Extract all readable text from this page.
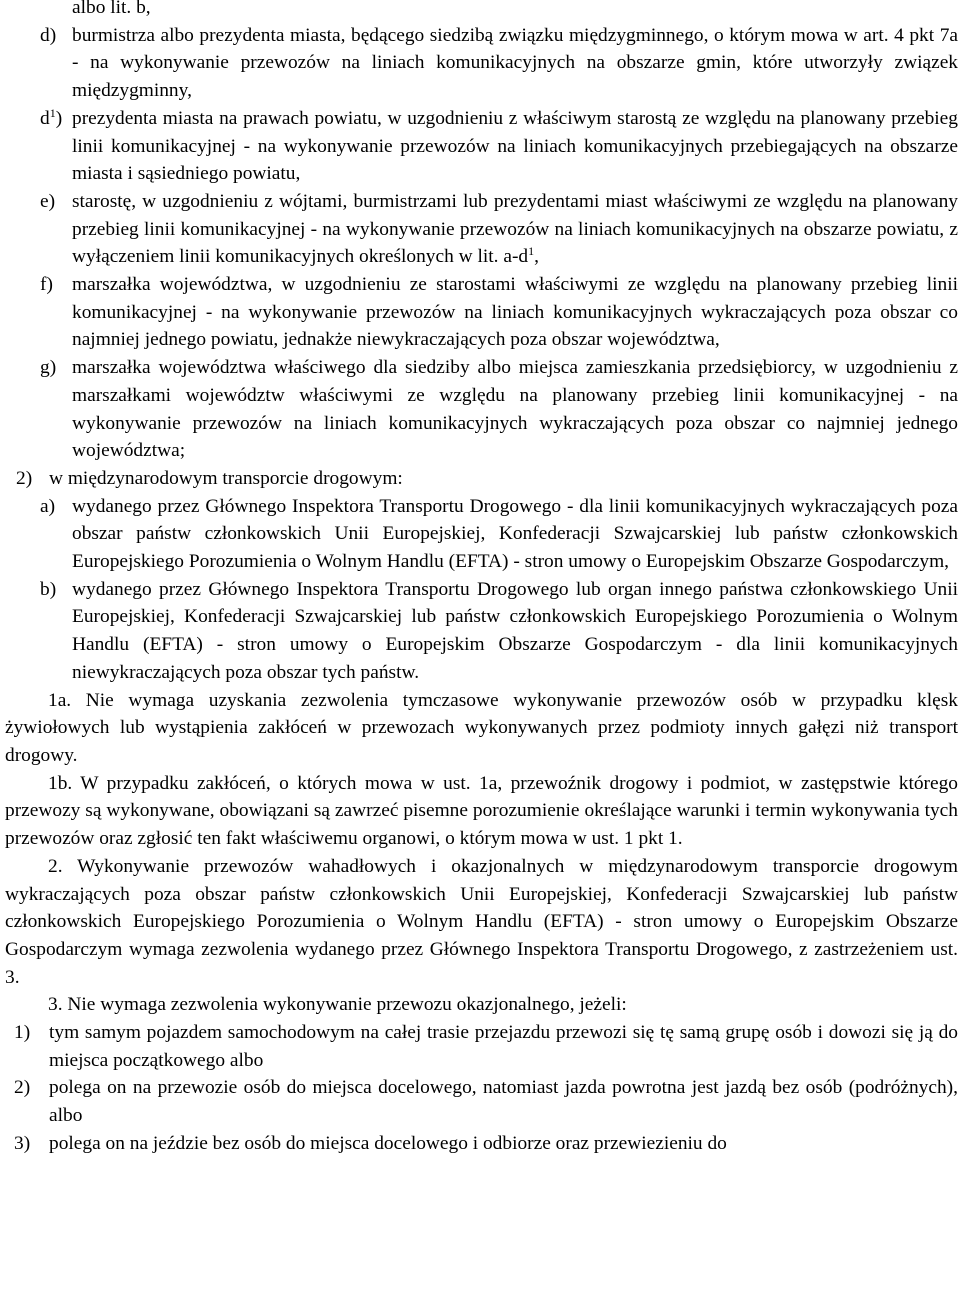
albo lit. b,
d) burmistrza albo prezydenta miasta, będącego siedzibą związku międzygminnego, o którym mowa w art. 4 pkt 7a - na wykonywanie przewozów na liniach komunikacyjnych na obszarze gmin, które utworzyły związek międzygminny,
$d^1$) prezydenta miasta na prawach powiatu, w uzgodnieniu z właściwym starostą ze względu na planowany przebieg linii komunikacyjnej - na wykonywanie przewozów na liniach komunikacyjnych przebiegających na obszarze miasta i sąsiedniego powiatu,
e) starostę, w uzgodnieniu z wójtami, burmistrzami lub prezydentami miast właściwymi ze względu na planowany przebieg linii komunikacyjnej - na wykonywanie przewozów na liniach komunikacyjnych na obszarze powiatu, z wyłączeniem linii komunikacyjnych określonych w lit. $a-d^1$,
f) marszałka województwa, w uzgodnieniu ze starostami właściwymi ze względu na planowany przebieg linii komunikacyjnej - na wykonywanie przewozów na liniach komunikacyjnych wykraczających poza obszar co najmniej jednego powiatu, jednakże niewykraczających poza obszar województwa,
g) marszałka województwa właściwego dla siedziby albo miejsca zamieszkania przedsiębiorcy, w uzgodnieniu z marszałkami województw właściwymi ze względu na planowany przebieg linii komunikacyjnej - na wykonywanie przewozów na liniach komunikacyjnych wykraczających poza obszar co najmniej jednego województwa;
2) w międzynarodowym transporcie drogowym:
a) wydanego przez Głównego Inspektora Transportu Drogowego - dla linii komunikacyjnych wykraczających poza obszar państw członkowskich Unii Europejskiej, Konfederacji Szwajcarskiej lub państw członkowskich Europejskiego Porozumienia o Wolnym Handlu (EFTA) - stron umowy o Europejskim Obszarze Gospodarczym,
b) wydanego przez Głównego Inspektora Transportu Drogowego lub organ innego państwa członkowskiego Unii Europejskiej, Konfederacji Szwajcarskiej lub państw członkowskich Europejskiego Porozumienia o Wolnym Handlu (EFTA) - stron umowy o Europejskim Obszarze Gospodarczym - dla linii komunikacyjnych niewykraczających poza obszar tych państw.
1a. Nie wymaga uzyskania zezwolenia tymczasowe wykonywanie przewozów osób w przypadku klęsk żywiołowych lub wystąpienia zakłóceń w przewozach wykonywanych przez podmioty innych gałęzi niż transport drogowy.
1b. W przypadku zakłóceń, o których mowa w ust. 1a, przewoźnik drogowy i podmiot, w zastępstwie którego przewozy są wykonywane, obowiązani są zawrzeć pisemne porozumienie określające warunki i termin wykonywania tych przewozów oraz zgłosić ten fakt właściwemu organowi, o którym mowa w ust. 1 pkt 1.
2. Wykonywanie przewozów wahadłowych i okazjonalnych w międzynarodowym transporcie drogowym wykraczających poza obszar państw członkowskich Unii Europejskiej, Konfederacji Szwajcarskiej lub państw członkowskich Europejskiego Porozumienia o Wolnym Handlu (EFTA) - stron umowy o Europejskim Obszarze Gospodarczym wymaga zezwolenia wydanego przez Głównego Inspektora Transportu Drogowego, z zastrzeżeniem ust. 3.
3. Nie wymaga zezwolenia wykonywanie przewozu okazjonalnego, jeżeli:
1) tym samym pojazdem samochodowym na całej trasie przejazdu przewozi się tę samą grupę osób i dowozi się ją do miejsca początkowego albo
2) polega on na przewozie osób do miejsca docelowego, natomiast jazda powrotna jest jazdą bez osób (podróżnych), albo
3) polega on na jeździe bez osób do miejsca docelowego i odbiorze oraz przewiezieniu do
